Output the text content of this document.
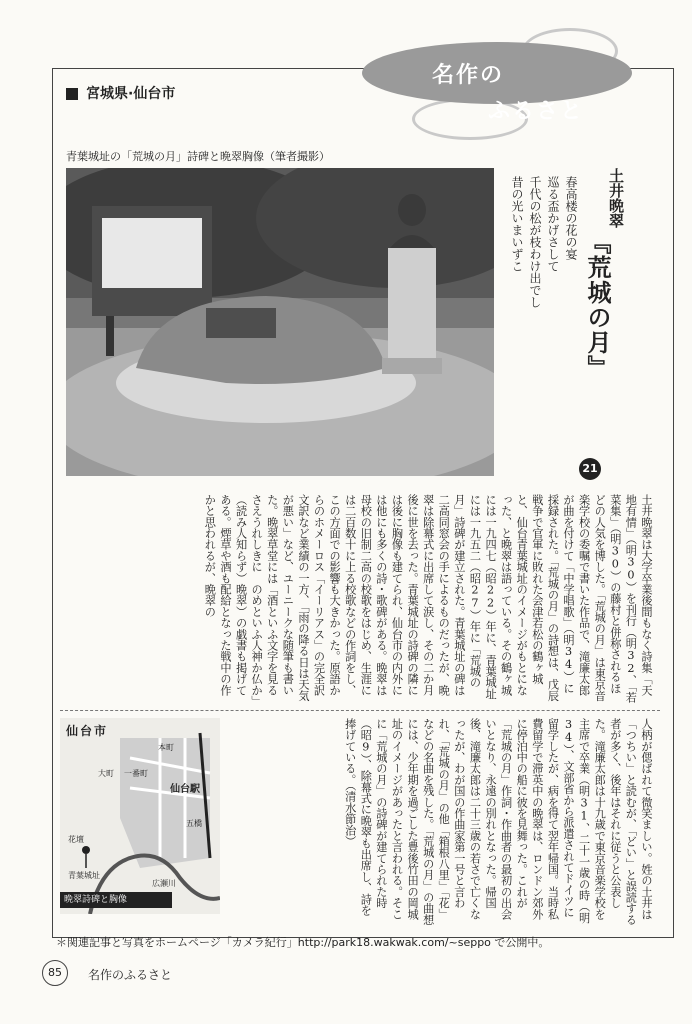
宮城県·仙台市
名作の
ふるさと
青葉城址の「荒城の月」詩碑と晩翠胸像（筆者撮影）
土井晩翠
『荒城の月』
春高楼の花の宴
巡る盃かげさして
千代の松が枝わけ出でし
昔の光いまいずこ
21
土井晩翠は大学卒業後間もなく詩集「天地有情」（明30）を刊行（明32、「若菜集」（明30）の藤村と併称されるほどの人気を博した。「荒城の月」は東京音楽学校の委嘱で書いた作品で、滝廉太郎が曲を付けて「中学唱歌」（明34）に採録された。「荒城の月」の詩想は、戊辰戦争で官軍に敗れた会津若松の鶴ヶ城と、仙台青葉城址のイメージがもとになった、と晩翠は語っている。その鶴ヶ城には一九四七（昭22）年に、青葉城址には一九五二（昭27）年に「荒城の月」詩碑が建立された。青葉城址の碑は二高同窓会の手によるものだったが、晩翠は除幕式に出席して涙し、その二か月後に世を去った。青葉城址の詩碑の隣には後に胸像も建てられ、仙台市の内外には他にも多くの詩・歌碑がある。晩翠は母校の旧制二高の校歌をはじめ、生涯には二百数十に上る校歌などの作詞をし、この方面での影響も大きかった。原語からのホメーロス「イーリアス」の完全訳文訳など業績の一方、「雨の降る日は天気が悪い」など、ユーニークな随筆も書いた。晩翠草堂には「酒といふ文字を見るさえうれしきに　のめといふ人神か仏か」（読み人知らず）晩翠）の戯書も掲げてある。煙草や酒も配給となった戦中の作かと思われるが、晩翠の
仙台市
仙台駅
本町
大町 一番町
五橋
花壇
青葉城址
広瀬川
晩翠詩碑と胸像	人柄が偲ばれて微笑ましい。姓の土井は「つちい」と読むが、「どい」と誤読する者が多く、後年はそれに従うと公表した。滝廉太郎は十九歳で東京音楽学校を主席で卒業（明31、二十一歳の時（明34）、文部省から派遣されてドイツに留学したが、病を得て翌年帰国。当時私費留学で滞英中の晩翠は、ロンドン郊外に停泊中の船に彼を見舞った。これが「荒城の月」作詞・作曲者の最初の出会いとなり、永遠の別れとなった。帰国後、滝廉太郎は二十三歳の若さで亡くなったが、わが国の作曲家第一号と言われ、「荒城の月」の他「箱根八里」「花」などの名曲を残した。「荒城の月」の曲想には、少年期を過ごした豊後竹田の岡城址のイメージがあったと言われる。そこに「荒城の月」の詩碑が建てられた時（昭9）、除幕式に晩翠も出席し、詩を捧げている。（清水節治）
＊関連記事と写真をホームページ「カメラ紀行」http://park18.wakwak.com/~seppo で公開中。
85	名作のふるさと
